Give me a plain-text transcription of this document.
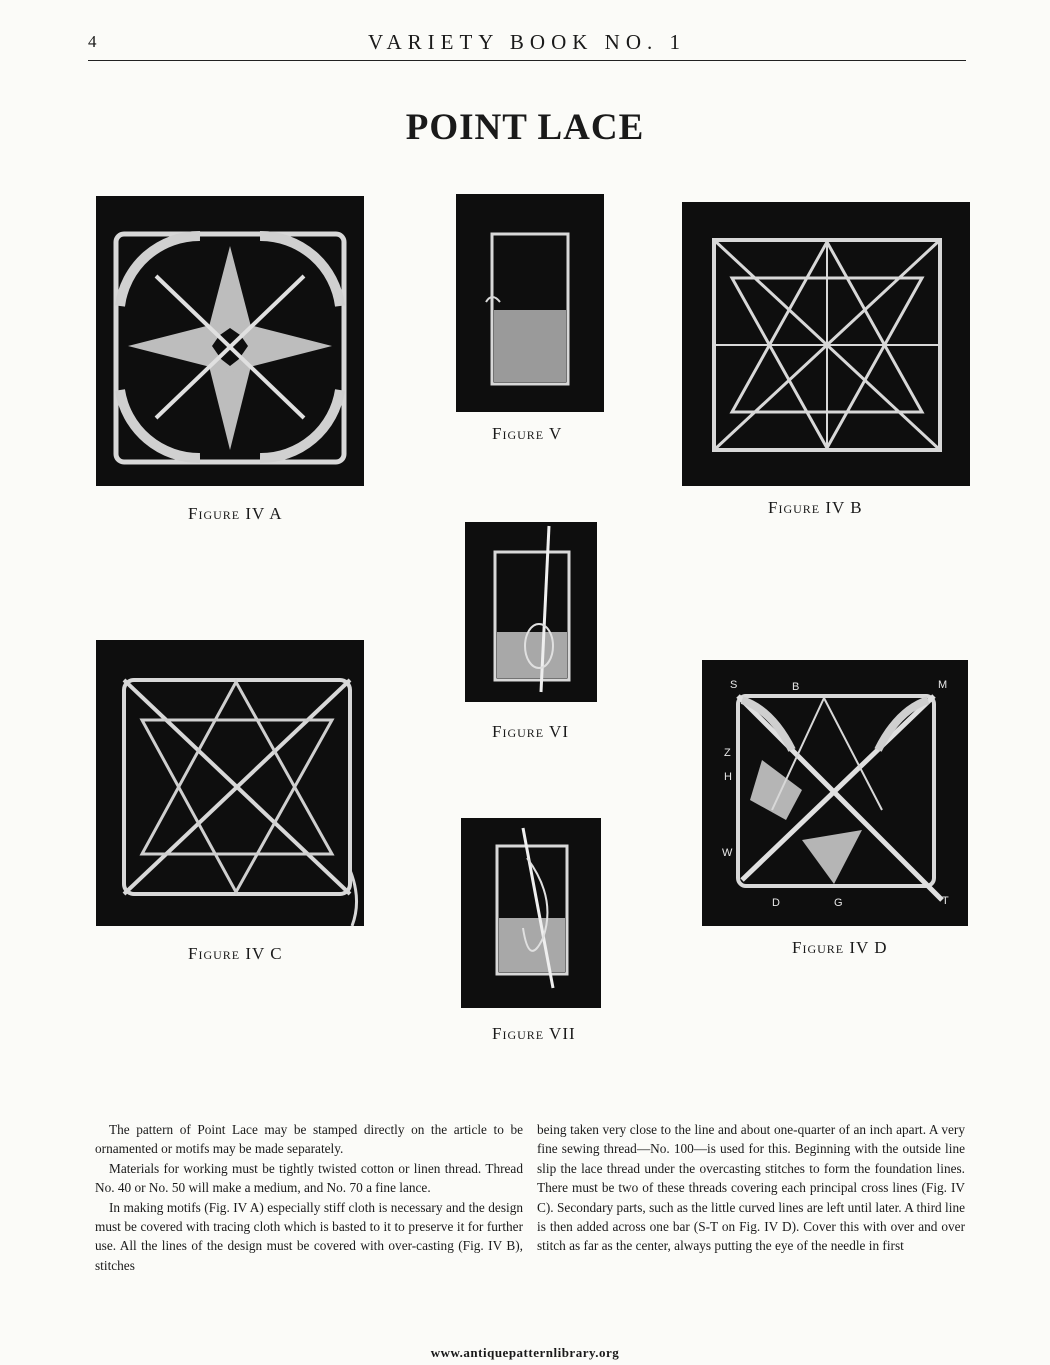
4	VARIETY BOOK NO. 1
POINT LACE
Figure IV A
Figure V
Figure IV B
Figure VI
Figure IV C
S	B	M
Z
H
W
D	G	T
Figure IV D
Figure VII

The pattern of Point Lace may be stamped directly on the article to be ornamented or motifs may be made separately.

Materials for working must be tightly twisted cotton or linen thread. Thread No. 40 or No. 50 will make a medium, and No. 70 a fine lance.

In making motifs (Fig. IV A) especially stiff cloth is necessary and the design must be covered with tracing cloth which is basted to it to preserve it for further use. All the lines of the design must be covered with over-casting (Fig. IV B), stitches

being taken very close to the line and about one-quarter of an inch apart. A very fine sewing thread—No. 100—is used for this. Beginning with the outside line slip the lace thread under the overcasting stitches to form the foundation lines. There must be two of these threads covering each principal cross lines (Fig. IV C). Secondary parts, such as the little curved lines are left until later. A third line is then added across one bar (S-T on Fig. IV D). Cover this with over and over stitch as far as the center, always putting the eye of the needle in first

www.antiquepatternlibrary.org
